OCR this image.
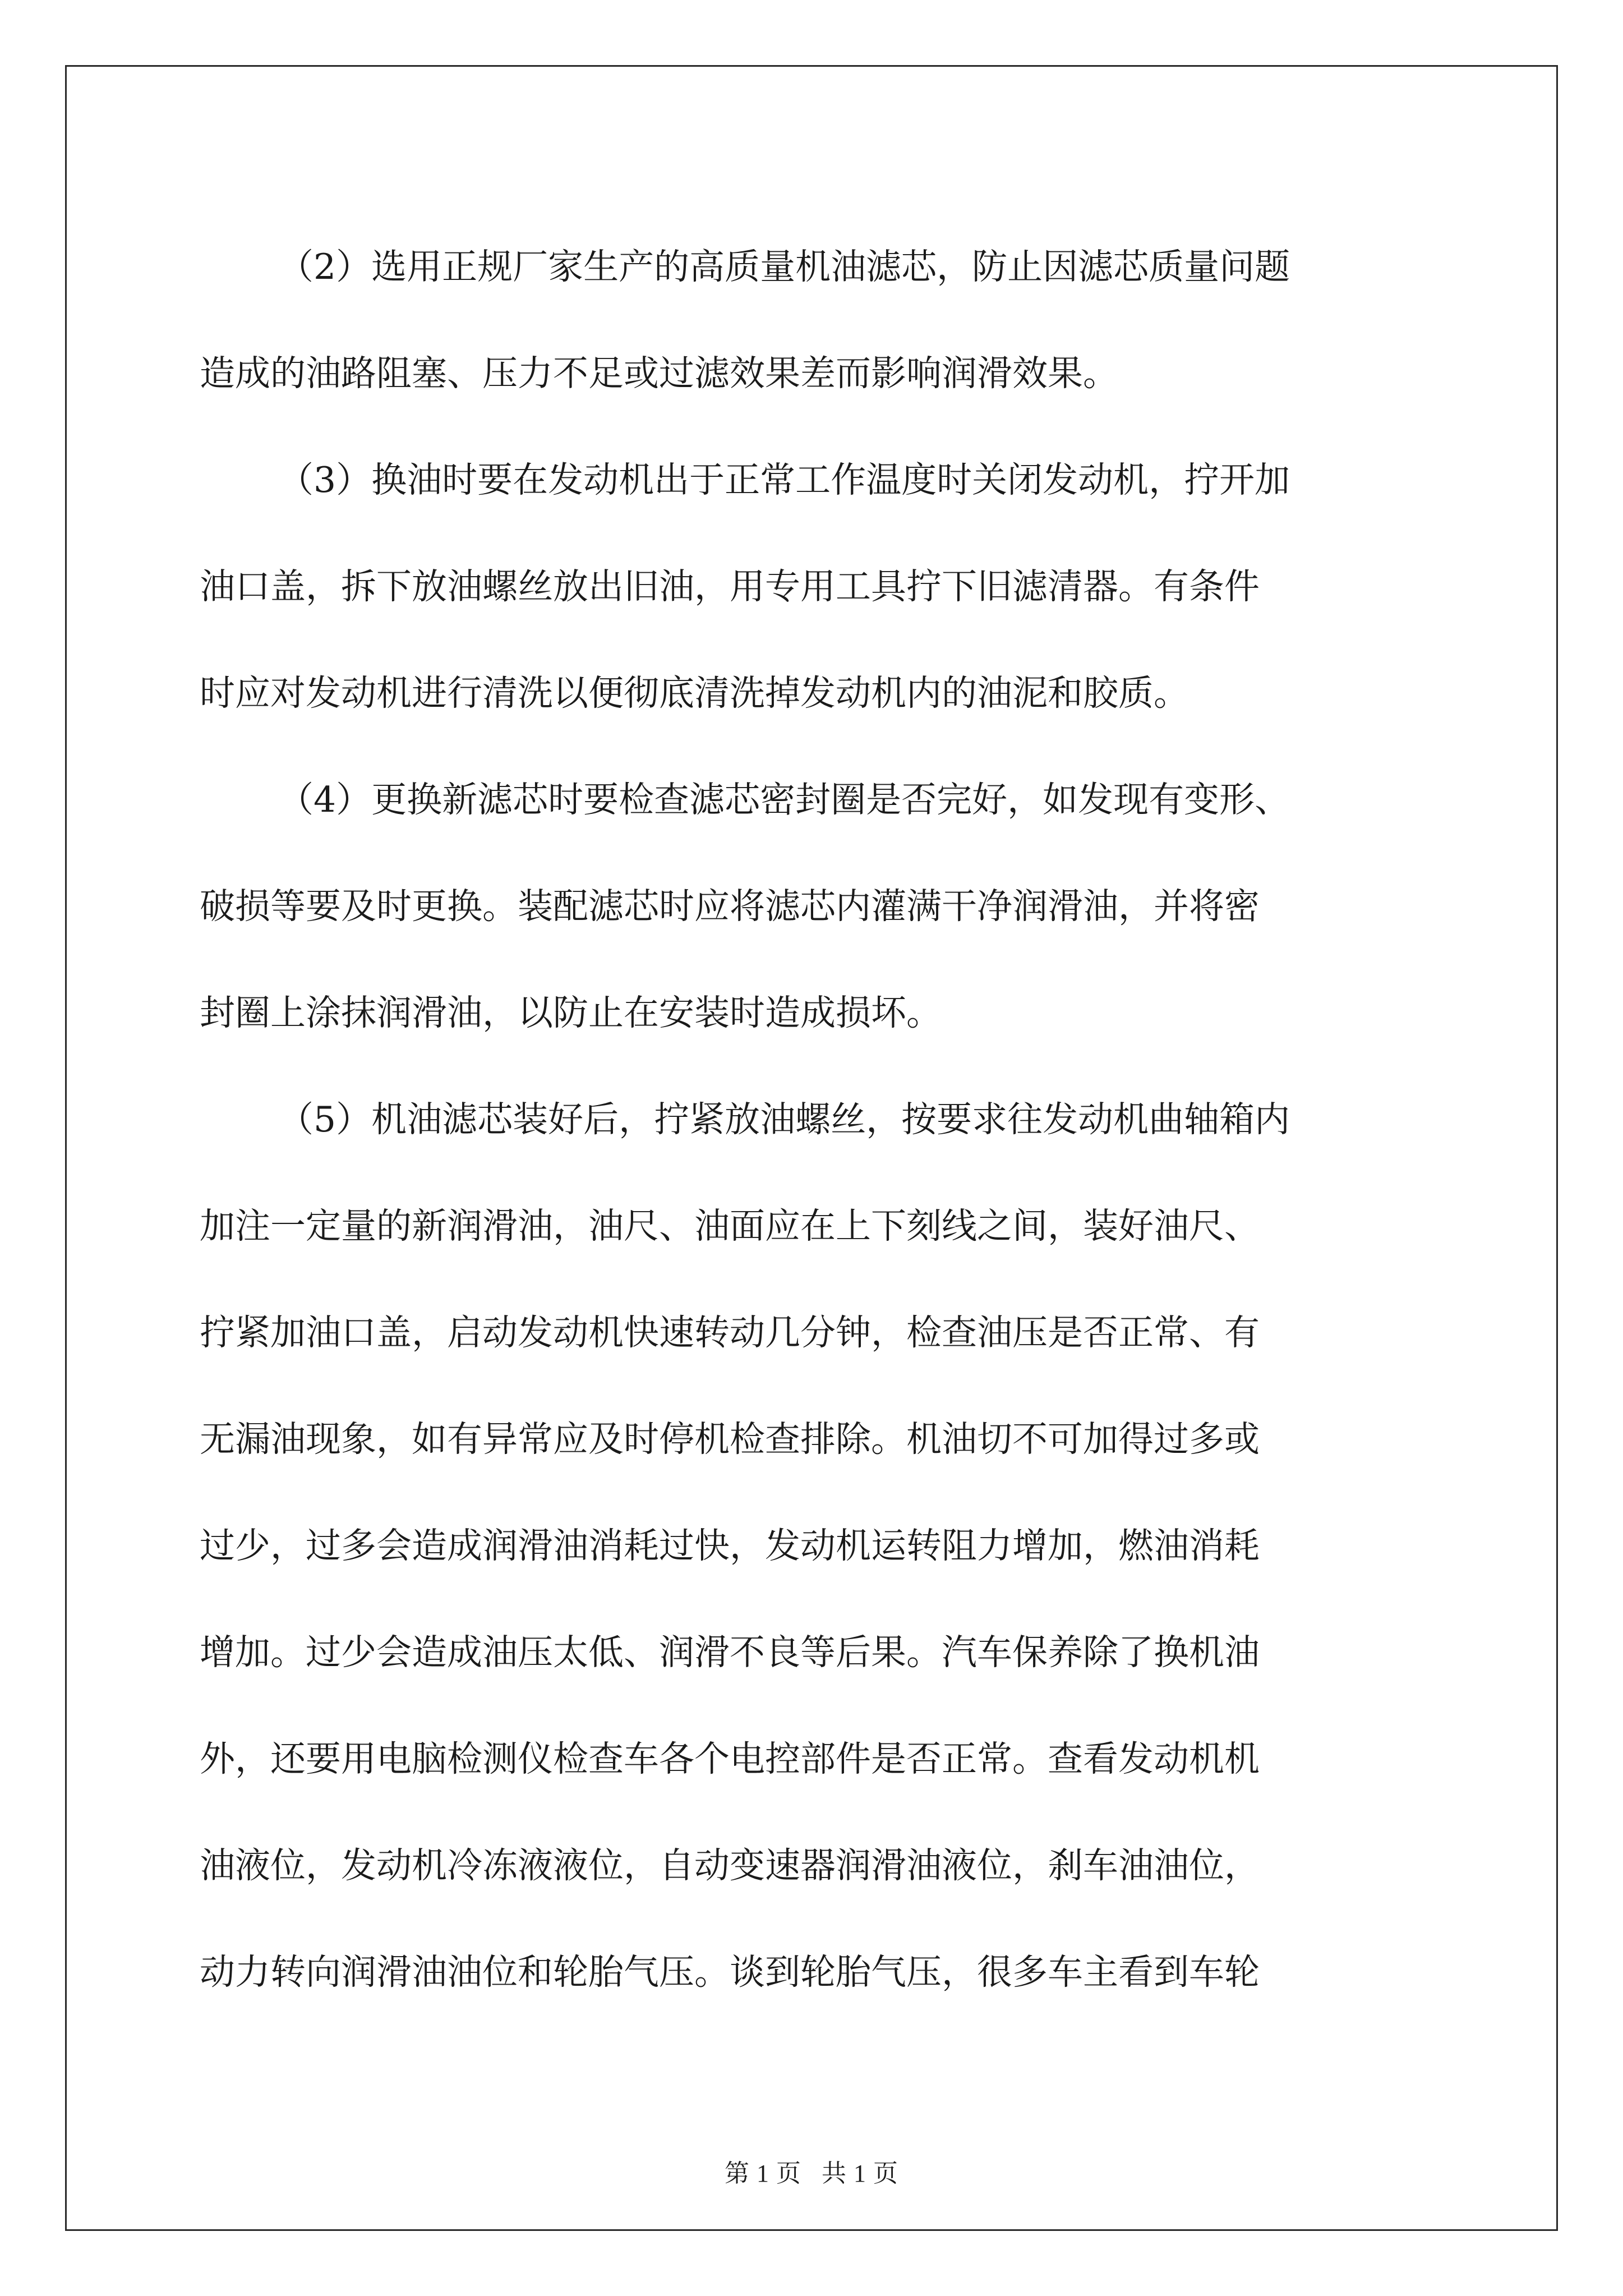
（2）选用正规厂家生产的高质量机油滤芯，防止因滤芯质量问题
造成的油路阻塞、压力不足或过滤效果差而影响润滑效果。

（3）换油时要在发动机出于正常工作温度时关闭发动机，拧开加
油口盖，拆下放油螺丝放出旧油，用专用工具拧下旧滤清器。有条件
时应对发动机进行清洗以便彻底清洗掉发动机内的油泥和胶质。

（4）更换新滤芯时要检查滤芯密封圈是否完好，如发现有变形、
破损等要及时更换。装配滤芯时应将滤芯内灌满干净润滑油，并将密
封圈上涂抹润滑油，以防止在安装时造成损坏。

（5）机油滤芯装好后，拧紧放油螺丝，按要求往发动机曲轴箱内
加注一定量的新润滑油，油尺、油面应在上下刻线之间，装好油尺、
拧紧加油口盖，启动发动机快速转动几分钟，检查油压是否正常、有
无漏油现象，如有异常应及时停机检查排除。机油切不可加得过多或
过少，过多会造成润滑油消耗过快，发动机运转阻力增加，燃油消耗
增加。过少会造成油压太低、润滑不良等后果。汽车保养除了换机油
外，还要用电脑检测仪检查车各个电控部件是否正常。查看发动机机
油液位，发动机冷冻液液位，自动变速器润滑油液位，刹车油油位，
动力转向润滑油油位和轮胎气压。谈到轮胎气压，很多车主看到车轮

第 1 页   共 1 页
